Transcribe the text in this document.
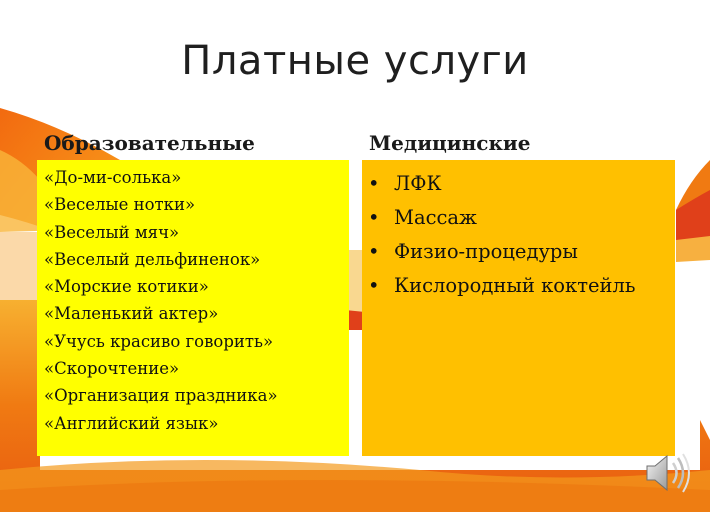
Платные услуги
Образовательные	Медицинские
«До-ми-солька»
«Веселые нотки»
«Веселый мяч»
«Веселый дельфиненок»
«Морские котики»
«Маленький актер»
«Учусь красиво говорить»
«Скорочтение»
«Организация праздника»
«Английский язык»
• ЛФК
• Массаж
• Физио-процедуры
• Кислородный коктейль
